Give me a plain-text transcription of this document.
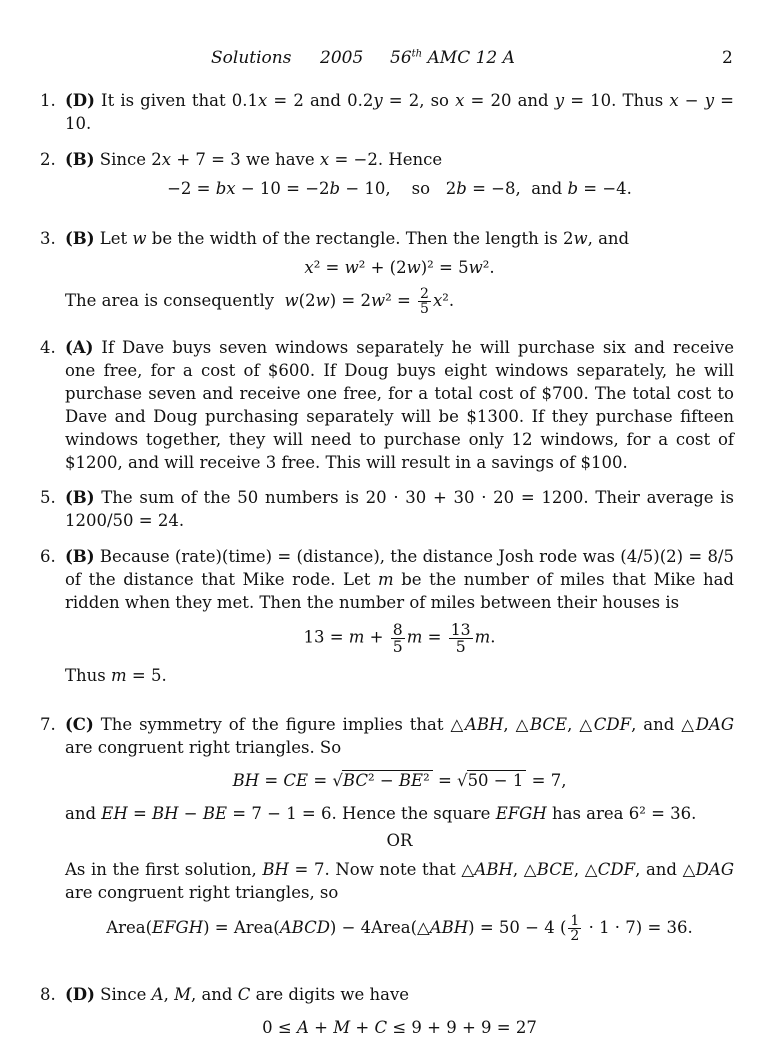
Solutions 2005 56th AMC 12 A	2
1. (D) It is given that 0.1x = 2 and 0.2y = 2, so x = 20 and y = 10. Thus x − y = 10.
2. (B) Since 2x + 7 = 3 we have x = −2. Hence
−2 = bx − 10 = −2b − 10,    so   2b = −8,  and b = −4.
3. (B) Let w be the width of the rectangle. Then the length is 2w, and
x² = w² + (2w)² = 5w².
The area is consequently  $w(2w) = 2w^2 = \frac{2}{5} x^2$.
4. (A) If Dave buys seven windows separately he will purchase six and receive one free, for a cost of $600. If Doug buys eight windows separately, he will purchase seven and receive one free, for a total cost of $700. The total cost to Dave and Doug purchasing separately will be $1300. If they purchase fifteen windows together, they will need to purchase only 12 windows, for a cost of $1200, and will receive 3 free. This will result in a savings of $100.
5. (B) The sum of the 50 numbers is 20 · 30 + 30 · 20 = 1200. Their average is 1200/50 = 24.
6. (B) Because (rate)(time) = (distance), the distance Josh rode was (4/5)(2) = 8/5 of the distance that Mike rode. Let m be the number of miles that Mike had ridden when they met. Then the number of miles between their houses is
$13 = m + \frac{8}{5}$ $m = \frac{13}{5} m$.
Thus m = 5.
7. (C) The symmetry of the figure implies that △ABH, △BCE, △CDF, and △DAG are congruent right triangles. So
BH = CE = √BC² − BE² = √50 − 1 = 7,
and EH = BH − BE = 7 − 1 = 6. Hence the square EFGH has area 6² = 36.
OR
As in the first solution, BH = 7. Now note that △ABH, △BCE, △CDF, and △DAG are congruent right triangles, so
Area(EFGH) = Area(ABCD) − 4Area(△ABH) = 50 − 4 ( $\frac{1}{2} \cdot 1 \cdot 7) = 36$.
8. (D) Since A, M, and C are digits we have
0 ≤ A + M + C ≤ 9 + 9 + 9 = 27
